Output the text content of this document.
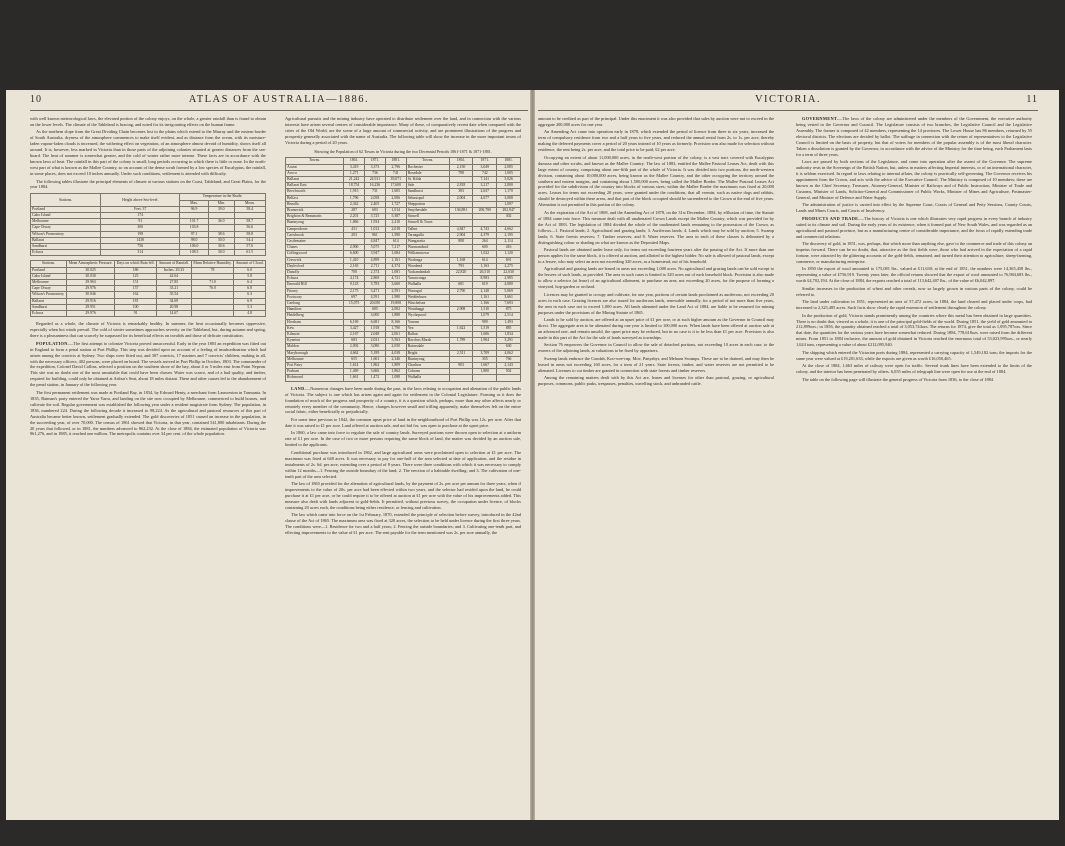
10	ATLAS OF AUSTRALIA—1886.

with well known meteorological laws, the elevated portion of the colony enjoys, on the whole, a greater rainfall than is found to obtain on the lower levels. The climate of the Tableland is bracing, and noted for its invigorating effects on the human frame.

As the northern slope from the Great Dividing Chain becomes lost in the plains which extend to the Murray and the eastern border of South Australia, dryness of the atmosphere commences to make itself evident, and as distance from the ocean, with its moisture-laden vapour-laden clouds is increased, the withering effect on vegetation, of an atmosphere almost devoid of humidity, shows itself all around. It is, however, less marked in Victoria than in those parts of the adjoining colonies situated at greater distances from the sea-board. The heat of summer is somewhat greater, and the cold of winter rather more intense. These facts are in accordance with the known laws of heat. The rainfall in this part of the colony is small; long periods occurring in which there is little or none. In the north-west part of what is known as the Mallee Country, so on account of the dense scrub formed by a low species of Eucalyptus, the rainfall, in some places, does not exceed 10 inches annually. Under such conditions, settlement is attended with difficulty.

The following tables illustrate the principal elements of climate at various stations on the Coast, Tableland, and Great Plains, for the year 1884.

Stations.	Height above Sea-level.	Temperature in the Shade.		
		Max.	Min.	Mean.
Portland	Feet. 37	96.9	39.0	58.4
Gabo Island	174			
Melbourne	91	101.7	36.0	58.7
Cape Otway	300	103.8		56.6
Wilson's Promontory	198	97.1	38.6	58.8
Ballarat	1438	98.0	30.0	54.4
Sandhurst	756	106.0	30.6	57.6
Echuca	314	108.5	30.0	61.5
Stations.	Mean Atmospheric Pressure.	Days on which Rain fell.	Amount of Rainfall.	Mean Relative Humidity.	Amount of Cloud.
Portland	30.025	186	Inches. 29.33	78	6.0
Gabo Island	30.030	125	42.64		5.8
Melbourne	29.963	151	27.85	71.0	6.4
Cape Otway	29.976	157	33.21	76.0	6.8
Wilson's Promontory	30.046	162	35.54		6.3
Ballarat	29.916	181	34.69		6.9
Sandhurst	29.951	100	20.98		5.3
Echuca	29.976	91	14.67		4.8

Regarded as a whole, the climate of Victoria is remarkably healthy. In summer, the heat occasionally becomes oppressive, especially when hot winds prevail. The cold of winter sometimes approaches severity on the Tableland, but, during autumn and spring, there is a pleasantness that can scarcely be surpassed for its beneficial effects on invalids and those of delicate constitution.

POPULATION.—The first attempt to colonize Victoria proved unsuccessful. Early in the year 1803 an expedition was fitted out in England to form a penal station at Port Phillip. This step was decided upon on account of a feeling of insubordination which had arisen among the convicts at Sydney. Two ships were fitted out, and 307 convicts, 17 marines and 7 convicts' children, making in all, with the necessary officers, 402 persons, were placed on board. The vessels arrived in Port Phillip in October, 1803. The commander of the expedition, Colonel David Collins, selected a position on the southern shore of the bay, about 4 or 5 miles east from Point Nepean. This site was no doubt one of the most unsuitable that could have been chosen. Water was scarce, and of a bad quality, and timber, required for building, could only be obtained at Arthur's Seat, about 18 miles distant. These and other causes led to the abandonment of the penal station, in January of the following year.

The first permanent settlement was made at Portland Bay, in 1834, by Edward Henty, a merchant from Launceston in Tasmania. In 1835, Batman's party entered the Yarra Yarra, and landing on the site now occupied by Melbourne, commenced to build houses, and cultivate the soil. Regular government was established the following year under a resident magistrate from Sydney. The population, in 1836, numbered 224. During the following decade it increased to 98,224. As the agricultural and pastoral resources of this part of Australia became better known, settlement gradually extended. The gold discoveries of 1851 caused an increase in the population, in the succeeding year, of over 70,000. The census of 1861 showed that Victoria, in that year, contained 541,800 inhabitants. During the 20 years that followed, or in 1881, the numbers advanced to 862,232. At the close of 1884, the estimated population of Victoria was 961,276, and in 1885, it reached one million. The metropolis contains over 34 per cent. of the whole population.

Agricultural pursuits and the mining industry have operated to distribute settlement over the land, and in connection with the various interests have arisen several centres of considerable importance. Many of these, of comparatively recent date when compared with the cities of the Old World, are the scene of a large amount of commercial activity, and are prominent illustrations of the progress and prosperity generally associated with the name of Australia. The following table will show the increase in the more important towns of Victoria during a period of 20 years.

Showing the Population of 62 Towns in Victoria during the two Decennial Periods 1861-1871 & 1871-1881.
Towns.	1861.	1871.	1881.	Towns.	1861.	1871.	1881.
Ararat	3,419	3,373	2,796	Rochester	2,150	3,049	2,085
Avoca	1,271	736	741	Rosedale	788	742	1,005
Ballarat	21,242	24,911	39,071	St. Kilda		7,141	5,026
Ballarat East	18,754	16,236	17,600	Sale	2,818	3,217	2,800
Beechworth	1,915	731	1,605	Sandhurst	383	2,637	1,170
Belfast	1,796	2,058	2,006	Sebastopol	2,004	4,677	3,088
Benalla	2,342	2,405	1,727	Shepparton			1,007
Brunswick	287	603	1,014	Smythesdale	136,881	206,780	282,947
Brighton & Beaumaris	2,201	3,725	5,387	Stawell			302
Buninyong	1,866	1,934	2,410	Stawell & Town			
Camperdown	431	1,012	2,018	Talbot	4,847	4,743	4,662
Carisbrook	203	861	1,580	Tarnagulla	2,904	4,379	2,195
Castlemaine		4,847	614	Wangaratta	808	264	2,114
Clunes	2,900	5,075	7,217	Warrnambool		600	416
Collingwood	6,600	3,947	1,684	Williamstown		1,022	1,120
Creswick	1,410	4,899	1,161	Wodonga	1,168	614	691
Daylesford	2,165	2,711	4,374	Woodend	793	1,163	2,275
Dunolly	700	2,374	1,081	Yackandandah	22,820	26,510	22,030
Echuca	4,174	2,869	4,721	Yarrawonga		8,983	2,985
Emerald Hill	9,143	3,783	3,660	Walhalla	681	619	4,080
Fitzroy	2,175	3,471	2,591	Warragul	2,790	2,148	5,069
Footscray	697	4,591	1,980	Wedderburn		1,161	3,661
Geelong	15,075	20,050	19,808	Winchelsea		1,166	7,693
Hamilton		685	2,002	Wonthaggi	2,908	1,510	875
Heidelberg		3,000	1,888	Wycheproof		1,079	2,514
Horsham	6,169	6,681	8,166	Yarram		909	1,493
Kew	3,427	1,918	1,790	Yea	1,622	1,519	885
Kilmore	2,167	2,048	2,061	Ballan		1,606	1,834
Kyneton	683	2,031	5,563	Bacchus Marsh	1,789	1,904	3,291
Maldon	2,092	3,080	2,050	Bairnsdale			630
Maryborough	4,662	5,189	4,038	Bright	2,511	3,709	4,062
Melbourne	655	1,661	2,346	Buninyong		355	766
Port Fairy	1,614	1,862	1,809	Charlton	903	1,667	2,143
Prahran	1,469	3,666	1,862	Cobram		1,800	502
Richmond	1,661	1,472	1,088	Walhalla			

LAND.—Numerous changes have been made during the past, in the laws relating to occupation and alienation of the public lands of Victoria. The subject is one which has arisen again and again for settlement in the Colonial Legislature. Forming as it does the foundation of much of the progress and prosperity of a country, it is a question which, perhaps, more than any other affects nearly or remotely every member of the community. Hence, changes however small and trifling apparently, make themselves felt on the entire social fabric, either beneficially or prejudicially.

For some time previous to 1842, the common upset price of land in the neighbourhood of Port Phillip was 12s. per acre. After that date it was raised to £1 per acre. Land offered at auction sale, and not bid for, was open to purchase at the upset price.

In 1860, a law came into force to regulate the sale of country lands. Surveyed portions were thrown open to selection at a uniform rate of £1 per acre. In the case of two or more persons requiring the same block of land, the matter was decided by an auction sale, limited to the applicants.

Conditional purchase was introduced in 1862, and large agricultural areas were proclaimed open to selection at £1 per acre. The maximum was fixed at 640 acres. It was necessary to pay for one-half of the area selected at date of application, and the residue in instalments of 2s. 6d. per acre, extending over a period of 8 years. There were three conditions with which it was necessary to comply within 12 months—1. Fencing the outside boundary of the land; 2. The erection of a habitable dwelling; and 3. The cultivation of one-tenth part of the area selected.

The law of 1865 provided for the alienation of agricultural lands, by the payment of 2s. per acre per annum for three years, when if improvements to the value of 20s. per acre had been effected within two years, and the selector had resided upon the land, he could purchase it at £1 per acre, or he could require it to be offered at auction at £1 per acre with the value of his improvements added. This measure also dealt with lands adjacent to gold-fields. It permitted, without previous survey, the occupation under licence, of blocks containing 20 acres each, the conditions being either residence, or fencing and cultivation.

The law which came into force on the 1st February, 1870, extended the principle of selection before survey, introduced in the 42nd clause of the Act of 1865. The maximum area was fixed at 320 acres, the selection to be held under licence during the first three years. The conditions were—1. Residence for two and a half years; 2. Fencing the outside boundaries; and 3. Cultivating one-tenth part, and effecting improvements to the value of £1 per acre. The rent payable for the term mentioned was 2s. per acre annually, the

VICTORIA.	11

amount to be credited as part of the principal. Under this enactment it was also provided that sales by auction were not to exceed in the aggregate 200,000 acres for one year.

An Amending Act came into operation early in 1878, which extended the period of licence from three to six years, increased the term of compulsory residence from two and a half years to five years, and reduced the annual rental from 2s. to 1s. per acre, thereby making the deferred payments cover a period of 20 years instead of 10 years as formerly. Provision was also made for selection without residence, the rent being 2s. per acre, and the total price to be paid, £2 per acre.

Occupying an extent of about 11,000,000 acres, in the north-west portion of the colony, is a vast tract covered with Eucalyptus dumosa and other scrubs, and known as the Mallee Country. The law of 1883, entitled the Mallee Pastoral Leases Act, dealt with this large extent of country, comprising about one-fifth part of the whole of Victoria. It was divided into two portions, the north-western division, containing about 10,000,000 acres, being known as the Mallee Country, and the other occupying the territory around the southern and eastern margins, and containing about 1,500,000 acres, being called the Mallee Border. The Mallee Pastoral Leases Act provided for the subdivision of the country into blocks of various sizes; within the Mallee Border the maximum was fixed at 20,000 acres. Leases for terms not exceeding 20 years, were granted under the conditions, that all vermin, such as native dogs and rabbits, should be destroyed within these areas, and that part of the block occupied should be surrendered to the Crown at the end of five years. Alienation is not permitted in this portion of the colony.

As the expiration of the Act of 1869, and the Amending Act of 1878, on the 31st December, 1884, by effluxion of time, the Statute of 1884 came into force. This measure dealt with all unalienated Crown Lands except the Mallee Country, which was provided for by the Act of 1883. The legislation of 1884 divided the whole of the unalienated lands remaining to the possession of the Crown, as follows—1. Pastoral lands; 2. Agricultural and grazing lands; 3. Auriferous lands; 4. Lands which may be sold by auction; 5. Swamp lands; 6. State forests reserves; 7. Timber reserves; and 8. Water reserves. The area in each of these classes is delineated by a distinguishing colour or shading on what are known as the Deposited Maps.

Pastoral lands are obtained under lease only, for terms not exceeding fourteen years after the passing of the Act. If more than one person applies for the same block, it is offered at auction, and allotted to the highest bidder. No sale is allowed of pastoral lands, except to a lessee, who may select an area not exceeding 320 acres, as a homestead, out of his leasehold.

Agricultural and grazing lands are leased in areas not exceeding 1,000 acres. No agricultural and grazing lands can be sold except to the lessees of such lands, as provided. The area in such cases is limited to 320 acres out of each leasehold block. Provision is also made to allow a selector (at lease) of an agricultural allotment, to purchase an area, not exceeding 20 acres, for the purpose of forming a vineyard, hop-garden or orchard.

Licences may be granted to occupy and cultivate, for one year, portions of certain lands proclaimed as auriferous, not exceeding 20 acres in each case. Grazing licences are also issued for auriferous lands, renewable annually, for a period of not more than five years, the area in each case not to exceed 1,000 acres. All lands alienated under the Land Act of 1884, are liable to be resumed for mining purposes under the provisions of the Mining Statute of 1865.

Lands to be sold by auction, are offered at an upset price of £1 per acre, or at such higher amount as the Governor in Council may direct. The aggregate area to be alienated during one year is limited to 100,000 acres. When lands have been offered at auction sale at an advanced rate, and remain unsold, the upset price may be reduced, but in no case is it to be less than £1 per acre. Provision is also made in this part of the Act for the sale of lands surveyed as townships.

Section 76 empowers the Governor in Council to allow the sale of detached portions, not exceeding 10 acres in each case, to the owners of the adjoining lands, at valuations to be fixed by appraisers.

Swamp lands embrace the Condah, Koo-wee-rup, Moe, Panyabyr, and Mehaon Swamps. These are to be drained, and may then be leased in areas not exceeding 160 acres, for a term of 21 years. State forests, timber, and water reserves are not permitted to be alienated. Licenses to cut timber are granted in connection with state forests and timber reserves.

Among the remaining matters dealt with by this Act are, leases and licenses for other than pastoral, grazing, or agricultural purposes, commons, public parks, trespasses, penalties, travelling stock, and unbranded cattle.

GOVERNMENT.—The laws of the colony are administered under the members of the Government, the executive authority being vested in the Governor and Council. The Legislature consists of two branches, the Legislative Council and the Legislative Assembly. The former is composed of 42 members, representing the 14 provinces. The Lower House has 86 members, returned by 55 electoral districts. The elections are decided by ballot. The suffrage in connection with the return of representatives to the Legislative Council is limited on the basis of property, but that of voters for members of the popular assembly is of the most liberal character. Taken a dissolution is granted by the Governor, in accordance with the advice of the Ministry for the time being, each Parliament lasts for a term of three years.

Laws are passed by both sections of the Legislature, and come into operation after the assent of the Governor. The supreme authority rests in the Sovereign of the British Nation, but, unless in matters affecting Imperial interests, or of an international character, it is seldom exercised. In regard to laws relating to internal affairs, the colony is practically self-governing. The Governor receives his appointment from the Crown, and acts with the advice of the Executive Council. The Ministry is composed of 10 members; these are known as the Chief Secretary, Treasurer, Attorney-General, Minister of Railways and of Public Instruction, Minister of Trade and Customs, Minister of Lands, Solicitor-General and Commissioner of Public Works, Minister of Mines and Agriculture, Postmaster-General, and Minister of Defence and Water Supply.

The administration of justice is carried into effect by the Supreme Court, Courts of General and Petty Sessions, County Courts, Lands and Mines Courts, and Courts of Insolvency.

PRODUCTS AND TRADE.—The history of Victoria is one which illustrates very rapid progress in every branch of industry suited to its climate and soil. During the early years of its existence, when it formed part of New South Wales, and was regarded as an agricultural and pastoral province, but as a manufacturing centre of considerable importance, and the focus of rapidly extending trade and commercial relations.

The discovery of gold, in 1851, was, perhaps, that which more than anything else, gave to the commerce and trade of this colony an impetus forward. There can be no doubt, that, attractive as the first fields were, those who had arrived in the expectation of a rapid fortune, were attracted by the glittering accounts of the gold-fields, remained, and turned their attention to agriculture, sheep-farming, commerce, or manufacturing enterprise.

In 1850 the export of wool amounted to 175,081 lbs., valued at £11,630; at the end of 1851, the numbers were 14,365,458 lbs., representing a value of £756,919. Twenty years later, the official returns showed that the export of wool amounted to 76,984,683 lbs., worth £4,702,194. At the close of 1884, the exports reached a total of 113,642,407 lbs., of the value of £6,042,897.

Similar increases in the production of wheat and other cereals, now so largely grown in various parts of the colony, could be referred to.

The land under cultivation in 1851, represented an area of 57,472 acres; in 1884, the land cleared and placed under crops, had increased to 2,325,485 acres. Such facts show clearly the rapid extension of settlement throughout the colony.

In the production of gold, Victoria stands prominently among the countries where this metal has been obtained in large quantities. There is no doubt that, viewed as a whole, it is one of the principal gold-fields of the world. During 1851, the yield of gold amounted to 212,899ozs.; in 1856, the quantity obtained reached a total of 3,053,744ozs. The returns for 1874, give the total as 1,095,787ozs. Since that date, the quantities for the various years have become somewhat reduced. During 1884, 778,618ozs. were raised from the different mines. From 1851 to 1884 inclusive, the amount of gold obtained in Victoria reached the enormous total of 53,023,995ozs., or nearly 1,624 tons, representing a value of about £212,095,940.

The shipping which entered the Victorian ports during 1884, represented a carrying capacity of 1,549,182 tons; the imports for the same year were valued at £19,201,633, while the exports are given as worth £16,050,465.

At the close of 1884, 1,663 miles of railway were open for traffic. Several trunk lines have been extended to the limits of the colony, and the interior has been penetrated by others. 6,055 miles of telegraph line were open for use at the end of 1884.

The table on the following page will illustrate the general progress of Victoria from 1836, to the close of 1884.
